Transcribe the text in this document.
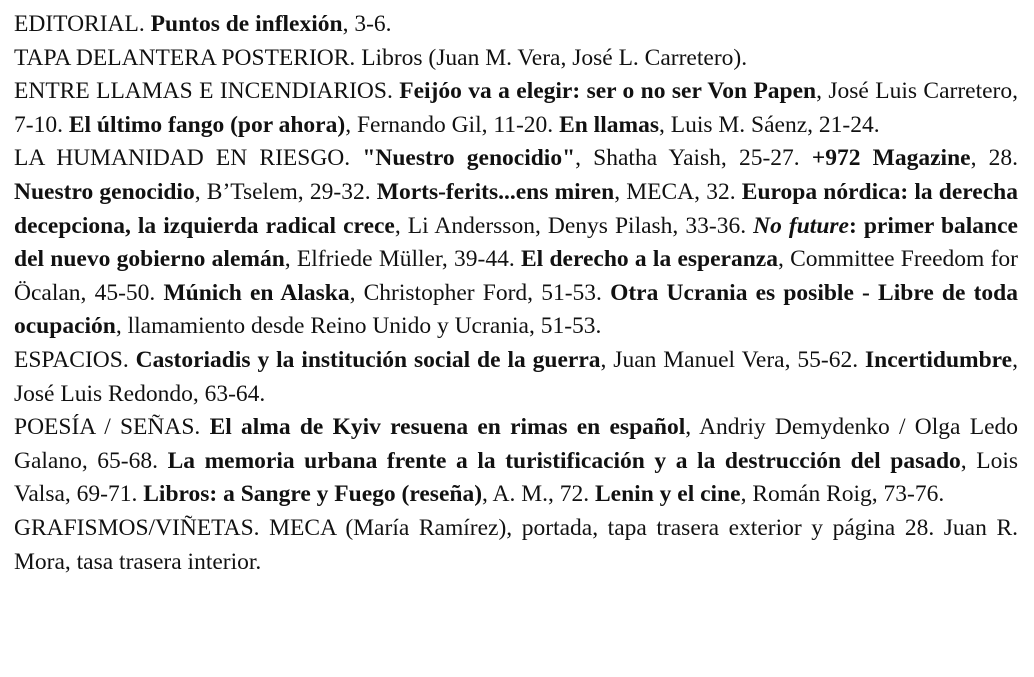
EDITORIAL. Puntos de inflexión, 3-6.

TAPA DELANTERA POSTERIOR. Libros (Juan M. Vera, José L. Carretero).

ENTRE LLAMAS E INCENDIARIOS. Feijóo va a elegir: ser o no ser Von Papen, José Luis Carretero, 7-10. El último fango (por ahora), Fernando Gil, 11-20. En llamas, Luis M. Sáenz, 21-24.

LA HUMANIDAD EN RIESGO. "Nuestro genocidio", Shatha Yaish, 25-27. +972 Magazine, 28. Nuestro genocidio, B’Tselem, 29-32. Morts-ferits...ens miren, MECA, 32. Europa nórdica: la derecha decepciona, la izquierda radical crece, Li Andersson, Denys Pilash, 33-36. No future: primer balance del nuevo gobierno alemán, Elfriede Müller, 39-44. El derecho a la esperanza, Committee Freedom for Öcalan, 45-50. Múnich en Alaska, Christopher Ford, 51-53. Otra Ucrania es posible - Libre de toda ocupación, llamamiento desde Reino Unido y Ucrania, 51-53.

ESPACIOS. Castoriadis y la institución social de la guerra, Juan Manuel Vera, 55-62. Incertidumbre, José Luis Redondo, 63-64.

POESÍA / SEÑAS. El alma de Kyiv resuena en rimas en español, Andriy Demydenko / Olga Ledo Galano, 65-68. La memoria urbana frente a la turistificación y a la destrucción del pasado, Lois Valsa, 69-71. Libros: a Sangre y Fuego (reseña), A. M., 72. Lenin y el cine, Román Roig, 73-76.

GRAFISMOS/VIÑETAS. MECA (María Ramírez), portada, tapa trasera exterior y página 28. Juan R. Mora, tasa trasera interior.
